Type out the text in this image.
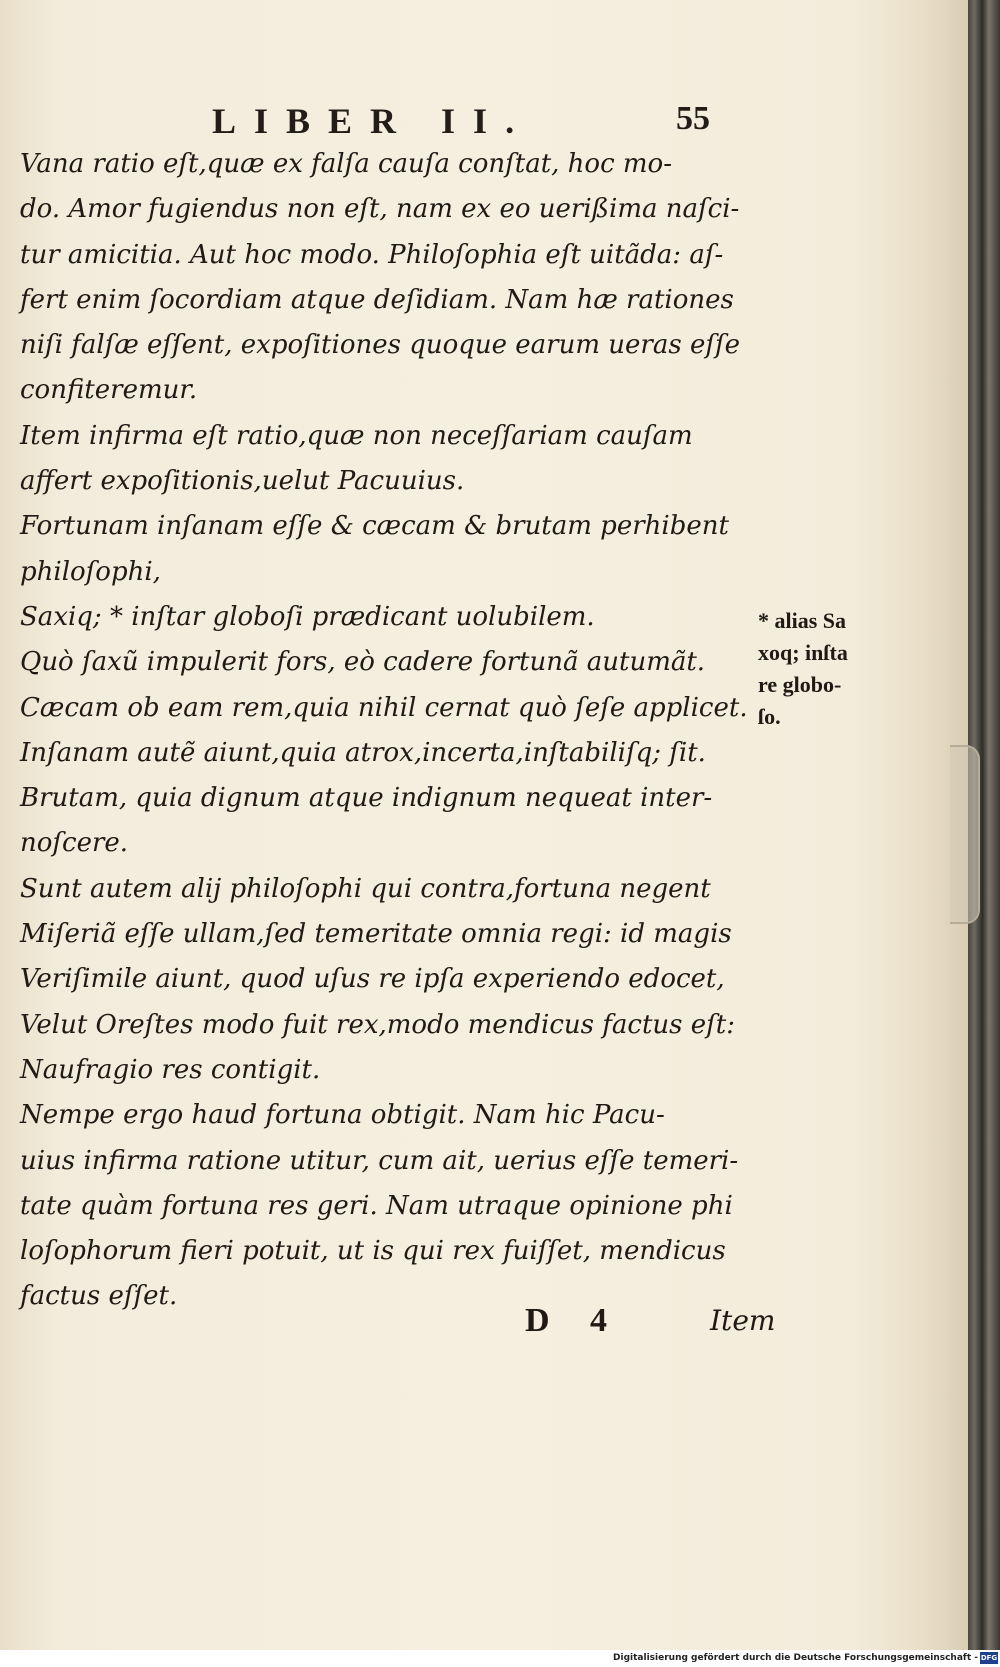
LIBER II.	55
Vana ratio eſt,quæ ex falſa cauſa conſtat, hoc mo-
do. Amor fugiendus non eſt, nam ex eo uerißima naſci-
tur amicitia. Aut hoc modo. Philoſophia eſt uitãda: aſ-
fert enim ſocordiam atque deſidiam. Nam hæ rationes
niſi falſæ eſſent, expoſitiones quoque earum ueras eſſe
confiteremur.
Item infirma eſt ratio,quæ non neceſſariam cauſam
affert expoſitionis,uelut Pacuuius.
Fortunam inſanam eſſe & cæcam & brutam perhibent
philoſophi,
Saxiq; * inſtar globoſi prædicant uolubilem.
Quò ſaxũ impulerit fors, eò cadere fortunã autumãt.
Cæcam ob eam rem,quia nihil cernat quò ſeſe applicet.
Inſanam autẽ aiunt,quia atrox,incerta,inſtabiliſq; ſit.
Brutam, quia dignum atque indignum nequeat inter-
noſcere.
Sunt autem alij philoſophi qui contra,fortuna negent
Miſeriã eſſe ullam,ſed temeritate omnia regi: id magis
Veriſimile aiunt, quod uſus re ipſa experiendo edocet,
Velut Oreſtes modo fuit rex,modo mendicus factus eſt:
Naufragio res contigit.
Nempe ergo haud fortuna obtigit. Nam hic Pacu-
uius infirma ratione utitur, cum ait, uerius eſſe temeri-
tate quàm fortuna res geri. Nam utraque opinione phi
loſophorum fieri potuit, ut is qui rex fuiſſet, mendicus
factus eſſet.
* alias Sa
xoq; inſta
re globo-
ſo.
D 4	Item
Digitalisierung gefördert durch die Deutsche Forschungsgemeinschaft - DFG
